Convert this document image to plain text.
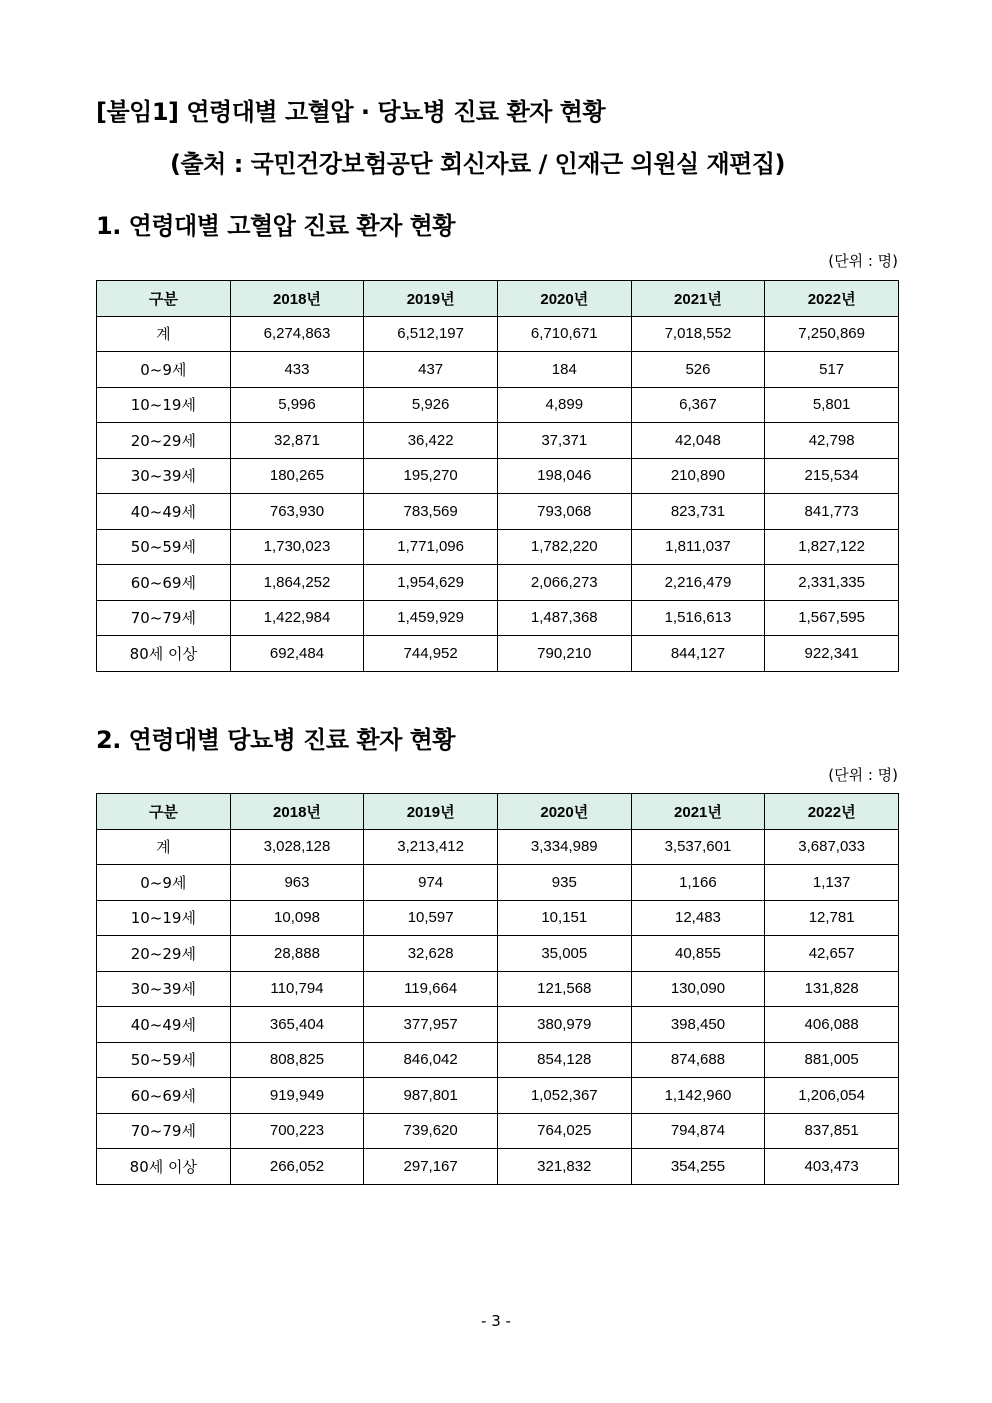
[붙임1] 연령대별 고혈압 · 당뇨병 진료 환자 현황
(출처 : 국민건강보험공단 회신자료 / 인재근 의원실 재편집)
1. 연령대별 고혈압 진료 환자 현황
(단위 : 명)
구분	2018년	2019년	2020년	2021년	2022년
계	6,274,863	6,512,197	6,710,671	7,018,552	7,250,869
0~9세	433	437	184	526	517
10~19세	5,996	5,926	4,899	6,367	5,801
20~29세	32,871	36,422	37,371	42,048	42,798
30~39세	180,265	195,270	198,046	210,890	215,534
40~49세	763,930	783,569	793,068	823,731	841,773
50~59세	1,730,023	1,771,096	1,782,220	1,811,037	1,827,122
60~69세	1,864,252	1,954,629	2,066,273	2,216,479	2,331,335
70~79세	1,422,984	1,459,929	1,487,368	1,516,613	1,567,595
80세 이상	692,484	744,952	790,210	844,127	922,341
2. 연령대별 당뇨병 진료 환자 현황
(단위 : 명)
구분	2018년	2019년	2020년	2021년	2022년
계	3,028,128	3,213,412	3,334,989	3,537,601	3,687,033
0~9세	963	974	935	1,166	1,137
10~19세	10,098	10,597	10,151	12,483	12,781
20~29세	28,888	32,628	35,005	40,855	42,657
30~39세	110,794	119,664	121,568	130,090	131,828
40~49세	365,404	377,957	380,979	398,450	406,088
50~59세	808,825	846,042	854,128	874,688	881,005
60~69세	919,949	987,801	1,052,367	1,142,960	1,206,054
70~79세	700,223	739,620	764,025	794,874	837,851
80세 이상	266,052	297,167	321,832	354,255	403,473
- 3 -
